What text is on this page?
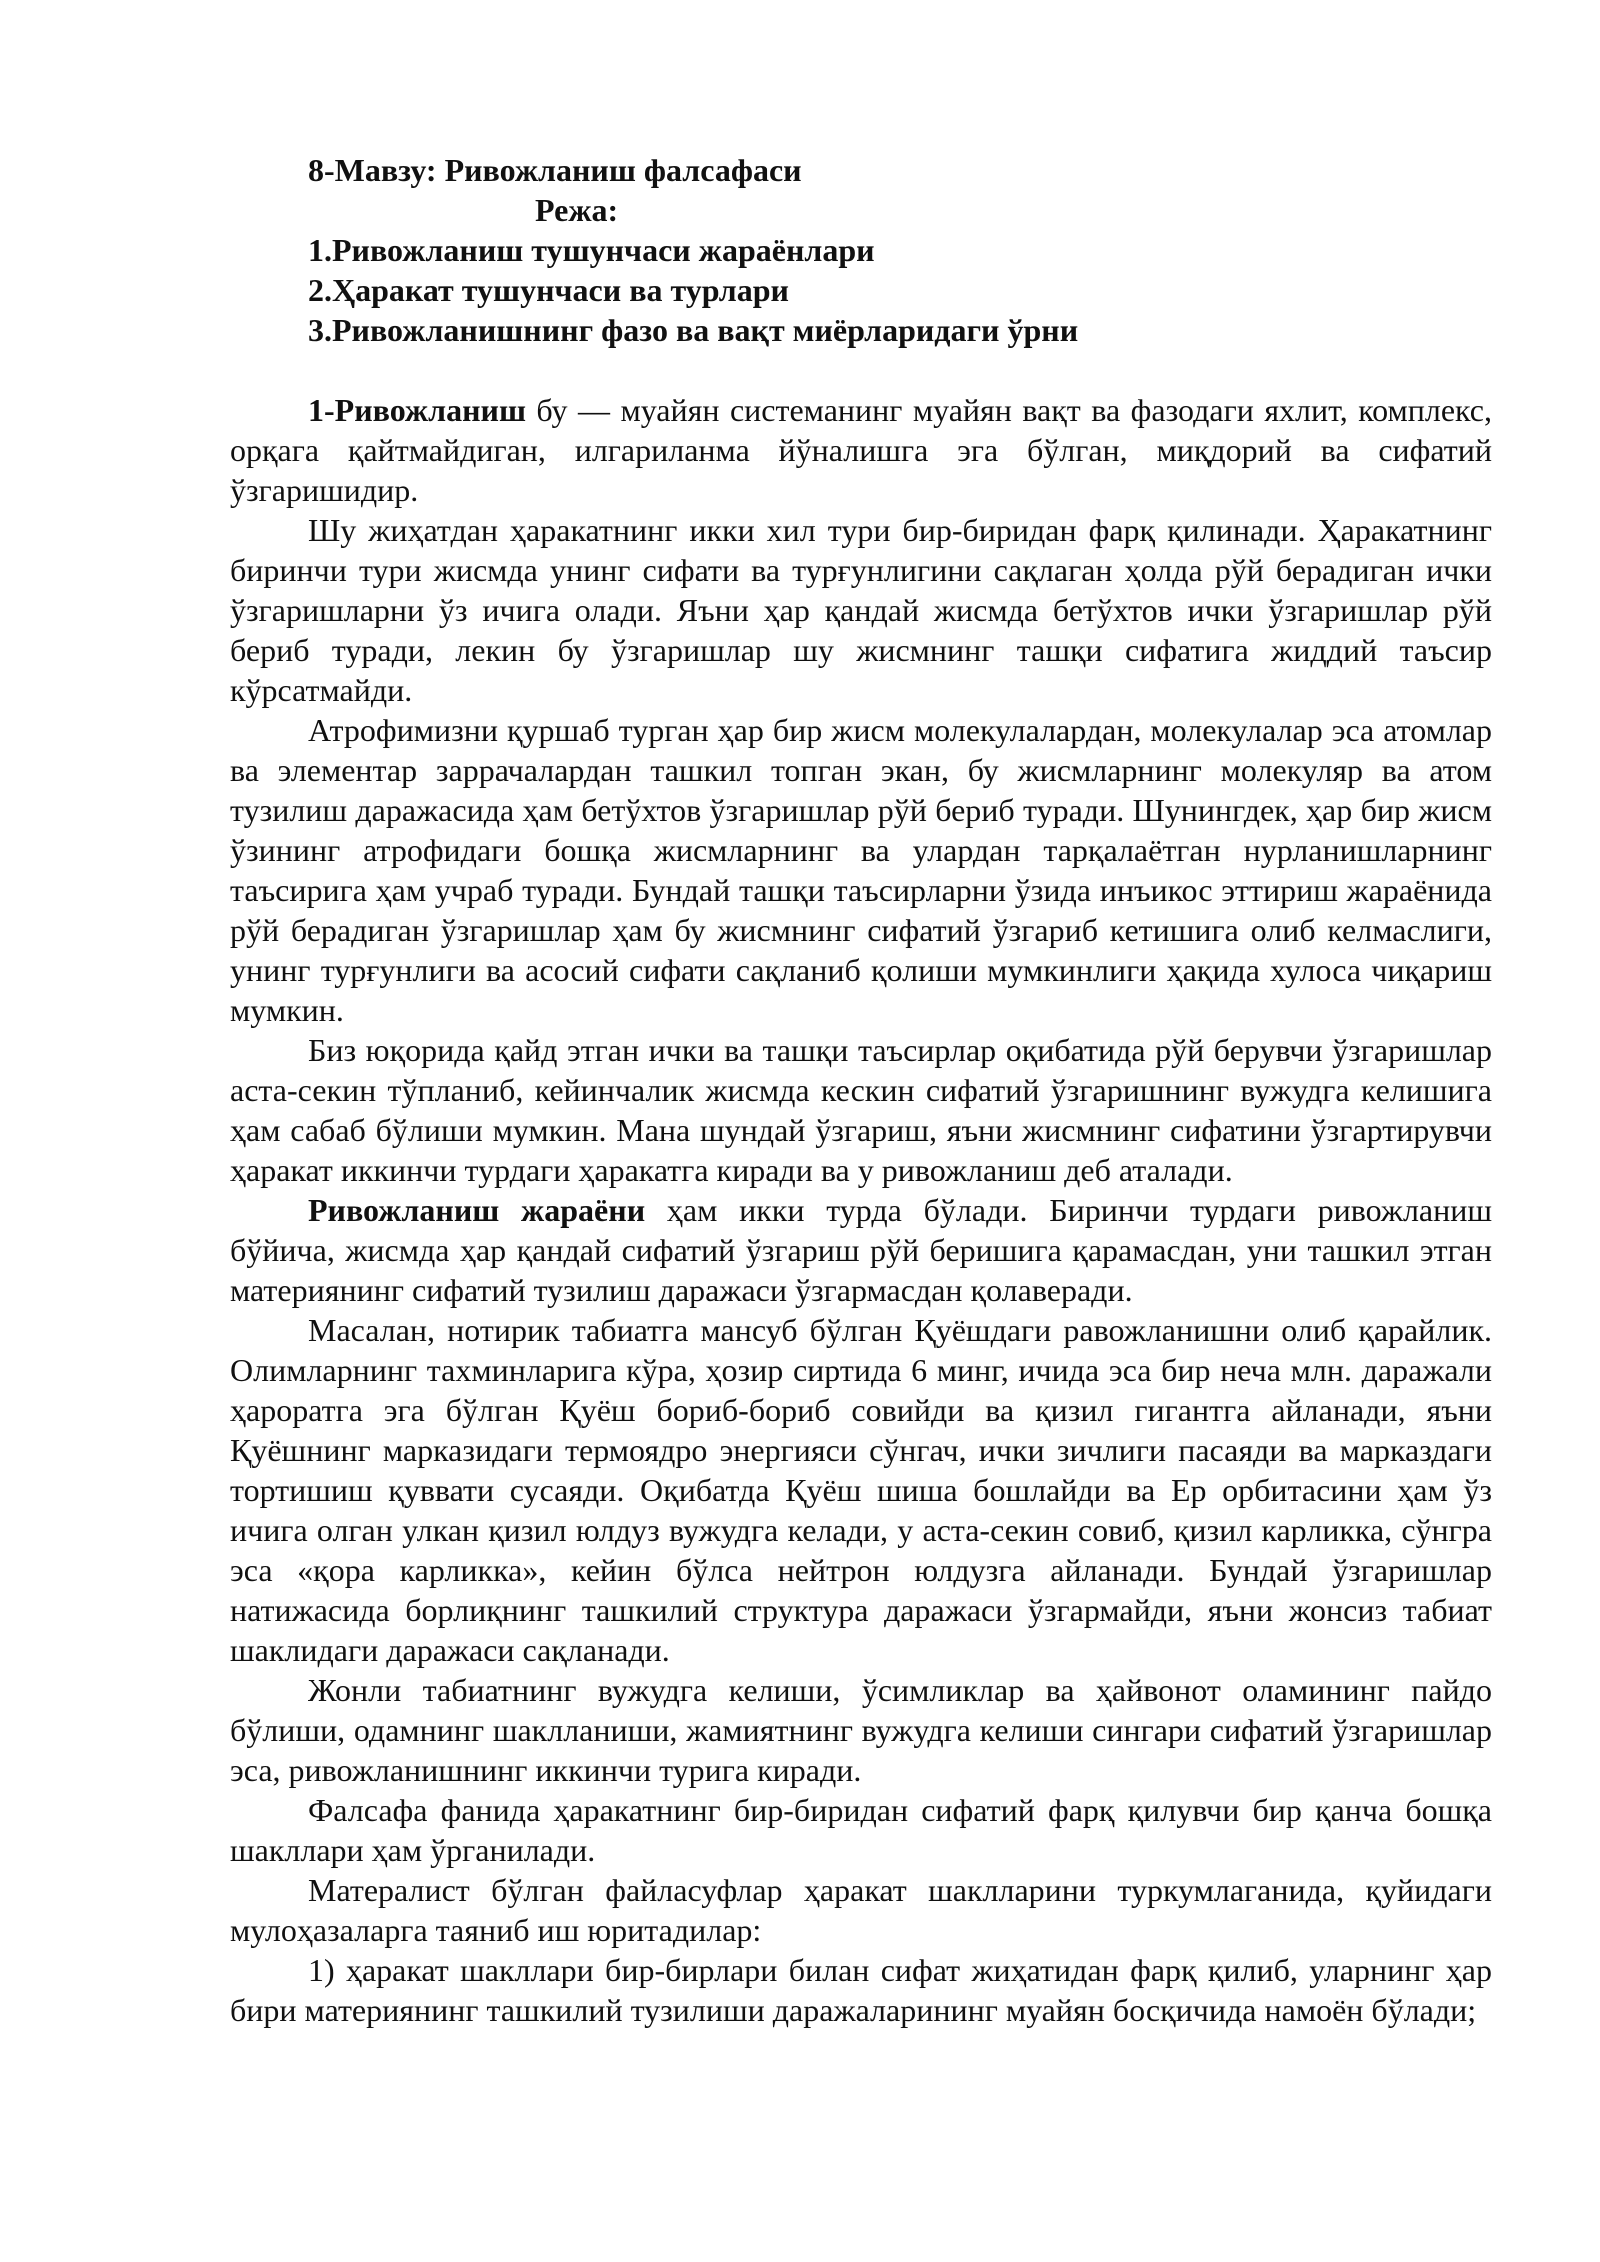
8-Мавзу: Ривожланиш фалсафаси

Режа:

1.Ривожланиш тушунчаси жараёнлари

2.Ҳаракат тушунчаси ва турлари

3.Ривожланишнинг фазо ва вақт миёрларидаги ўрни

1-Ривожланиш бу — муайян системанинг муайян вақт ва фазодаги яхлит, комплекс, орқага қайтмайдиган, илгариланма йўналишга эга бўлган, миқдорий ва сифатий ўзгаришидир.

Шу жиҳатдан ҳаракатнинг икки хил тури бир-биридан фарқ қилинади. Ҳаракатнинг биринчи тури жисмда унинг сифати ва турғунлигини сақлаган ҳолда рўй берадиган ички ўзгаришларни ўз ичига олади. Яъни ҳар қандай жисмда бетўхтов ички ўзгаришлар рўй бериб туради, лекин бу ўзгаришлар шу жисмнинг ташқи сифатига жиддий таъсир кўрсатмайди.

Атрофимизни қуршаб турган ҳар бир жисм молекулалардан, молекулалар эса атомлар ва элементар заррачалардан ташкил топган экан, бу жисмларнинг молекуляр ва атом тузилиш даражасида ҳам бетўхтов ўзгаришлар рўй бериб туради. Шунингдек, ҳар бир жисм ўзининг атрофидаги бошқа жисмларнинг ва улардан тарқалаётган нурланишларнинг таъсирига ҳам учраб туради. Бундай ташқи таъсирларни ўзида инъикос эттириш жараёнида рўй берадиган ўзгаришлар ҳам бу жисмнинг сифатий ўзгариб кетишига олиб келмаслиги, унинг турғунлиги ва асосий сифати сақланиб қолиши мумкинлиги ҳақида хулоса чиқариш мумкин.

Биз юқорида қайд этган ички ва ташқи таъсирлар оқибатида рўй берувчи ўзгаришлар аста-секин тўпланиб, кейинчалик жисмда кескин сифатий ўзгаришнинг вужудга келишига ҳам сабаб бўлиши мумкин. Мана шундай ўзгариш, яъни жисмнинг сифатини ўзгартирувчи ҳаракат иккинчи турдаги ҳаракатга киради ва у ривожланиш деб аталади.

Ривожланиш жараёни ҳам икки турда бўлади. Биринчи турдаги ривожланиш бўйича, жисмда ҳар қандай сифатий ўзгариш рўй беришига қарамасдан, уни ташкил этган материянинг сифатий тузилиш даражаси ўзгармасдан қолаверади.

Масалан, нотирик табиатга мансуб бўлган Қуёшдаги равожланишни олиб қарайлик. Олимларнинг тахминларига кўра, ҳозир сиртида 6 минг, ичида эса бир неча млн. даражали ҳароратга эга бўлган Қуёш бориб-бориб совийди ва қизил гигантга айланади, яъни Қуёшнинг марказидаги термоядро энергияси сўнгач, ички зичлиги пасаяди ва марказдаги тортишиш қуввати сусаяди. Оқибатда Қуёш шиша бошлайди ва Ер орбитасини ҳам ўз ичига олган улкан қизил юлдуз вужудга келади, у аста-секин совиб, қизил карликка, сўнгра эса «қора карликка», кейин бўлса нейтрон юлдузга айланади. Бундай ўзгаришлар натижасида борлиқнинг ташкилий структура даражаси ўзгармайди, яъни жонсиз табиат шаклидаги даражаси сақланади.

Жонли табиатнинг вужудга келиши, ўсимликлар ва ҳайвонот оламининг пайдо бўлиши, одамнинг шаклланиши, жамиятнинг вужудга келиши сингари сифатий ўзгаришлар эса, ривожланишнинг иккинчи турига киради.

Фалсафа фанида ҳаракатнинг бир-биридан сифатий фарқ қилувчи бир қанча бошқа шакллари ҳам ўрганилади.

Матералист бўлган файласуфлар ҳаракат шаклларини туркумлаганида, қуйидаги мулоҳазаларга таяниб иш юритадилар:

1) ҳаракат шакллари бир-бирлари билан сифат жиҳатидан фарқ қилиб, уларнинг ҳар бири материянинг ташкилий тузилиши даражаларининг муайян босқичида намоён бўлади;
